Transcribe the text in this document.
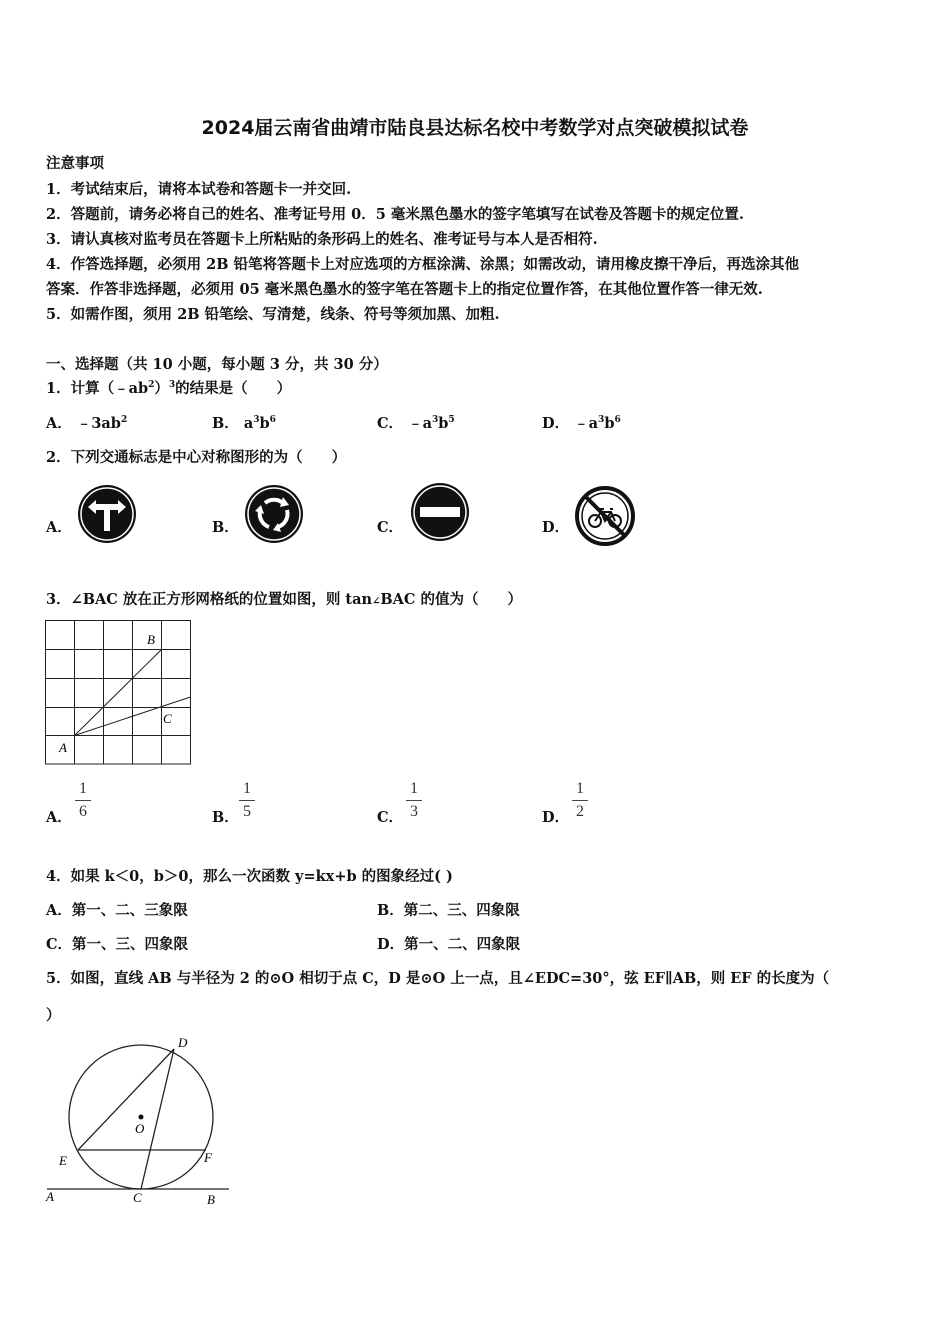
2024届云南省曲靖市陆良县达标名校中考数学对点突破模拟试卷
注意事项
1．考试结束后，请将本试卷和答题卡一并交回.
2．答题前，请务必将自己的姓名、准考证号用 0．5 毫米黑色墨水的签字笔填写在试卷及答题卡的规定位置.
3．请认真核对监考员在答题卡上所粘贴的条形码上的姓名、准考证号与本人是否相符.
4．作答选择题，必须用 2B 铅笔将答题卡上对应选项的方框涂满、涂黑；如需改动，请用橡皮擦干净后，再选涂其他
答案．作答非选择题，必须用 05 毫米黑色墨水的签字笔在答题卡上的指定位置作答，在其他位置作答一律无效.
5．如需作图，须用 2B 铅笔绘、写清楚，线条、符号等须加黑、加粗.
一、选择题（共 10 小题，每小题 3 分，共 30 分）
1．计算$(﹣ab^2)^3$的结果是（　　）
A． $﹣3ab^2$	B． $a^3b^6$	C． $﹣a^3b^5$	D． $﹣a^3b^6$
2．下列交通标志是中心对称图形的为（　　）
A．	B．	C．	D．
3．∠BAC 放在正方形网格纸的位置如图，则 tan∠BAC 的值为（　　）
B
C
A
A．
1
6	B．
1
5	C．
1
3	D．
1
2
4．如果 k＜0，b＞0，那么一次函数 y=kx+b 的图象经过( )
A．第一、二、三象限	B．第二、三、四象限
C．第一、三、四象限	D．第一、二、四象限
5．如图，直线 AB 与半径为 2 的⊙O 相切于点 C，D 是⊙O 上一点，且∠EDC=30°，弦 EF∥AB，则 EF 的长度为（
）
D
O
E	F
A	C	B
